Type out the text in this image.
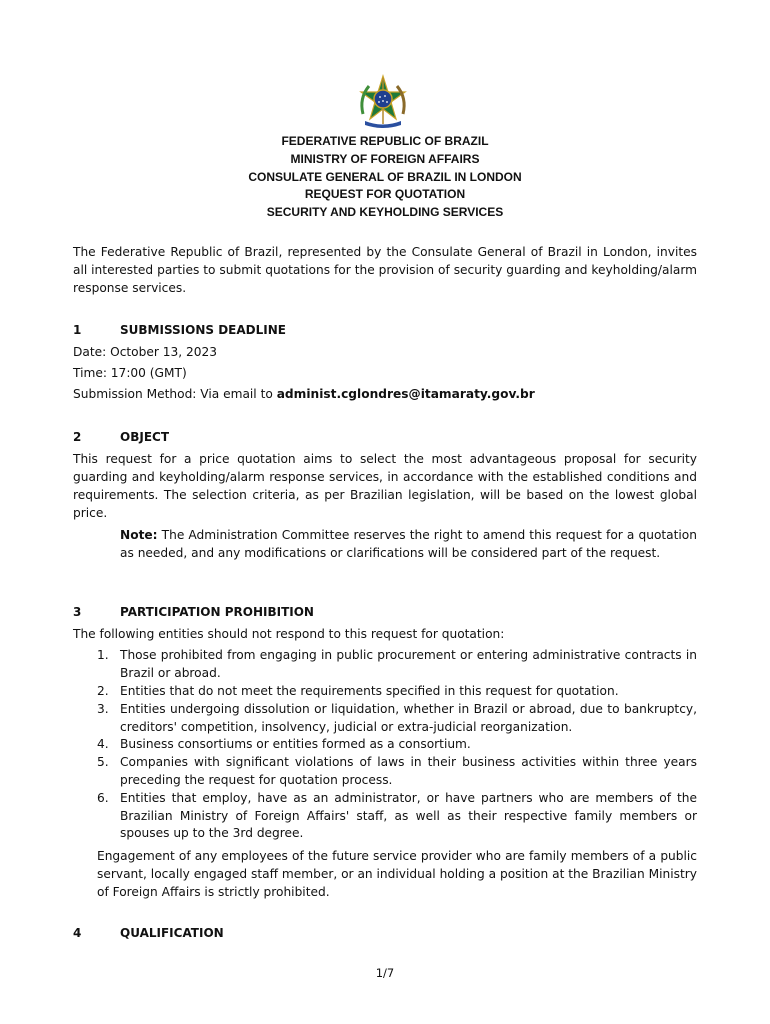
FEDERATIVE REPUBLIC OF BRAZIL
MINISTRY OF FOREIGN AFFAIRS
CONSULATE GENERAL OF BRAZIL IN LONDON
REQUEST FOR QUOTATION
SECURITY AND KEYHOLDING SERVICES
The Federative Republic of Brazil, represented by the Consulate General of Brazil in London, invites all interested parties to submit quotations for the provision of security guarding and keyholding/alarm response services.
1	SUBMISSIONS DEADLINE
Date: October 13, 2023
Time: 17:00 (GMT)
Submission Method: Via email to administ.cglondres@itamaraty.gov.br
2	OBJECT
This request for a price quotation aims to select the most advantageous proposal for security guarding and keyholding/alarm response services, in accordance with the established conditions and requirements. The selection criteria, as per Brazilian legislation, will be based on the lowest global price.
Note: The Administration Committee reserves the right to amend this request for a quotation as needed, and any modifications or clarifications will be considered part of the request.
3	PARTICIPATION PROHIBITION
The following entities should not respond to this request for quotation:
1. Those prohibited from engaging in public procurement or entering administrative contracts in Brazil or abroad.
2. Entities that do not meet the requirements specified in this request for quotation.
3. Entities undergoing dissolution or liquidation, whether in Brazil or abroad, due to bankruptcy, creditors' competition, insolvency, judicial or extra-judicial reorganization.
4. Business consortiums or entities formed as a consortium.
5. Companies with significant violations of laws in their business activities within three years preceding the request for quotation process.
6. Entities that employ, have as an administrator, or have partners who are members of the Brazilian Ministry of Foreign Affairs' staff, as well as their respective family members or spouses up to the 3rd degree.
Engagement of any employees of the future service provider who are family members of a public servant, locally engaged staff member, or an individual holding a position at the Brazilian Ministry of Foreign Affairs is strictly prohibited.
4	QUALIFICATION
1/7
